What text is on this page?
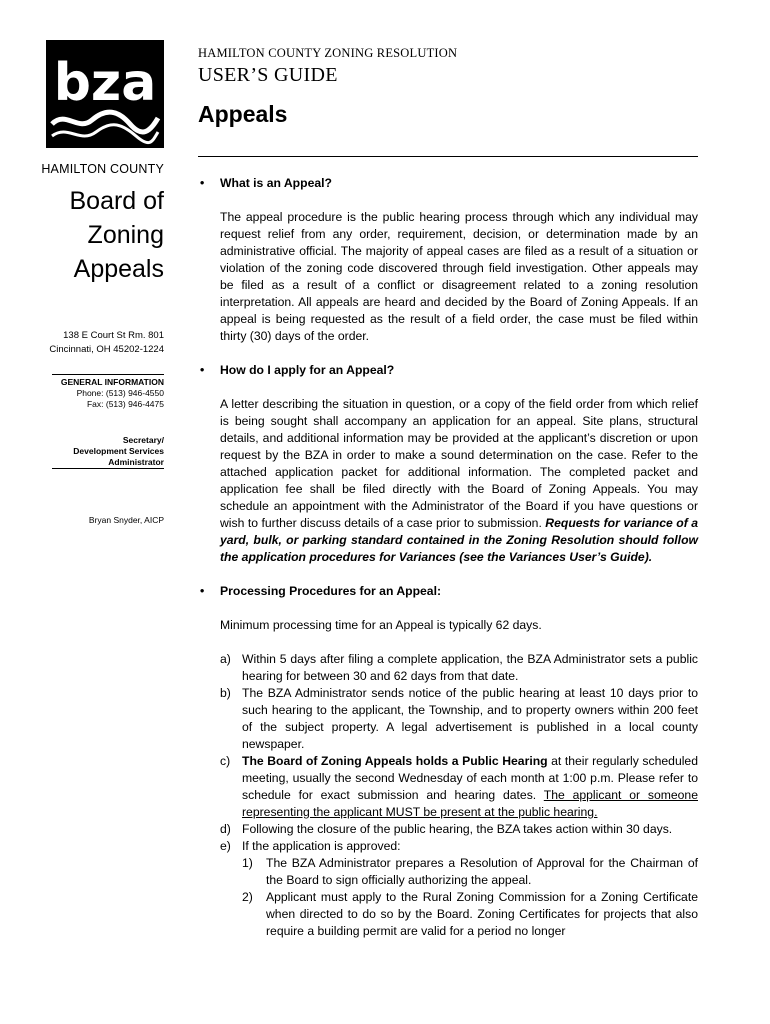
bza
HAMILTON COUNTY
Board of
Zoning
Appeals
138 E Court St Rm. 801
Cincinnati, OH 45202-1224
GENERAL INFORMATION
Phone: (513) 946-4550
Fax: (513) 946-4475
Secretary/
Development Services
Administrator
Bryan Snyder, AICP
HAMILTON COUNTY ZONING RESOLUTION
USER’S GUIDE
Appeals
• What is an Appeal?
The appeal procedure is the public hearing process through which any individual may request relief from any order, requirement, decision, or determination made by an administrative official. The majority of appeal cases are filed as a result of a situation or violation of the zoning code discovered through field investigation. Other appeals may be filed as a result of a conflict or disagreement related to a zoning resolution interpretation. All appeals are heard and decided by the Board of Zoning Appeals. If an appeal is being requested as the result of a field order, the case must be filed within thirty (30) days of the order.
• How do I apply for an Appeal?
A letter describing the situation in question, or a copy of the field order from which relief is being sought shall accompany an application for an appeal. Site plans, structural details, and additional information may be provided at the applicant’s discretion or upon request by the BZA in order to make a sound determination on the case. Refer to the attached application packet for additional information. The completed packet and application fee shall be filed directly with the Board of Zoning Appeals. You may schedule an appointment with the Administrator of the Board if you have questions or wish to further discuss details of a case prior to submission. Requests for variance of a yard, bulk, or parking standard contained in the Zoning Resolution should follow the application procedures for Variances (see the Variances User’s Guide).
• Processing Procedures for an Appeal:
Minimum processing time for an Appeal is typically 62 days.
a) Within 5 days after filing a complete application, the BZA Administrator sets a public hearing for between 30 and 62 days from that date.
b) The BZA Administrator sends notice of the public hearing at least 10 days prior to such hearing to the applicant, the Township, and to property owners within 200 feet of the subject property. A legal advertisement is published in a local county newspaper.
c) The Board of Zoning Appeals holds a Public Hearing at their regularly scheduled meeting, usually the second Wednesday of each month at 1:00 p.m. Please refer to schedule for exact submission and hearing dates. The applicant or someone representing the applicant MUST be present at the public hearing.
d) Following the closure of the public hearing, the BZA takes action within 30 days.
e) If the application is approved:
1) The BZA Administrator prepares a Resolution of Approval for the Chairman of the Board to sign officially authorizing the appeal.
2) Applicant must apply to the Rural Zoning Commission for a Zoning Certificate when directed to do so by the Board. Zoning Certificates for projects that also require a building permit are valid for a period no longer
